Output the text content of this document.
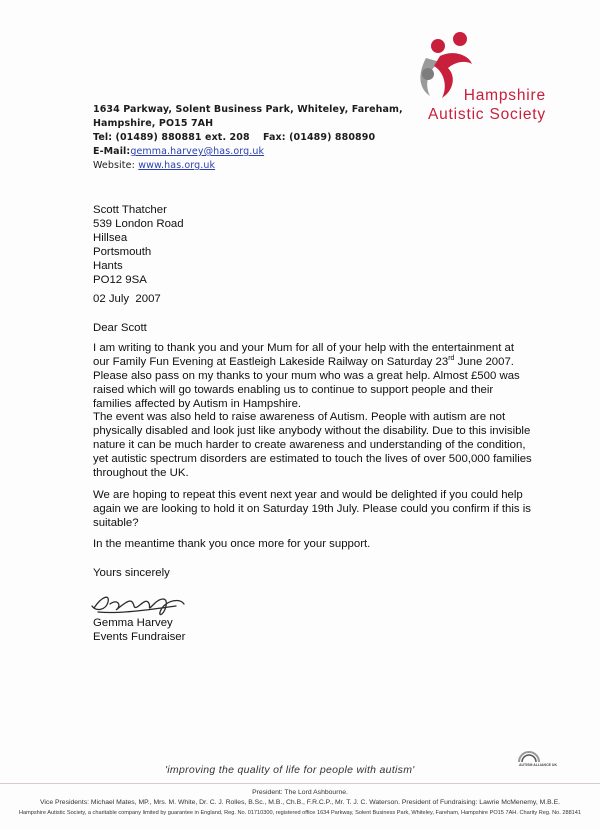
Hampshire
Autistic Society
1634 Parkway, Solent Business Park, Whiteley, Fareham,
Hampshire, PO15 7AH
Tel: (01489) 880881 ext. 208 Fax: (01489) 880890
E-Mail:gemma.harvey@has.org.uk
Website: www.has.org.uk
Scott Thatcher
539 London Road
Hillsea
Portsmouth
Hants
PO12 9SA
02 July  2007
Dear Scott
I am writing to thank you and your Mum for all of your help with the entertainment at our Family Fun Evening at Eastleigh Lakeside Railway on Saturday 23rd June 2007. Please also pass on my thanks to your mum who was a great help. Almost £500 was raised which will go towards enabling us to continue to support people and their families affected by Autism in Hampshire.
The event was also held to raise awareness of Autism. People with autism are not physically disabled and look just like anybody without the disability. Due to this invisible nature it can be much harder to create awareness and understanding of the condition, yet autistic spectrum disorders are estimated to touch the lives of over 500,000 families throughout the UK.
We are hoping to repeat this event next year and would be delighted if you could help again we are looking to hold it on Saturday 19th July. Please could you confirm if this is suitable?
In the meantime thank you once more for your support.
Yours sincerely
Gemma Harvey
Events Fundraiser
'improving the quality of life for people with autism'	AUTISM ALLIANCE UK
President: The Lord Ashbourne.
Vice Presidents: Michael Mates, MP., Mrs. M. White, Dr. C. J. Rolles, B.Sc., M.B., Ch.B., F.R.C.P., Mr. T. J. C. Waterson. President of Fundraising: Lawrie McMenemy, M.B.E.
Hampshire Autistic Society, a charitable company limited by guarantee in England, Reg. No. 01710300, registered office 1634 Parkway, Solent Business Park, Whiteley, Fareham, Hampshire PO15 7AH. Charity Reg. No. 288141
